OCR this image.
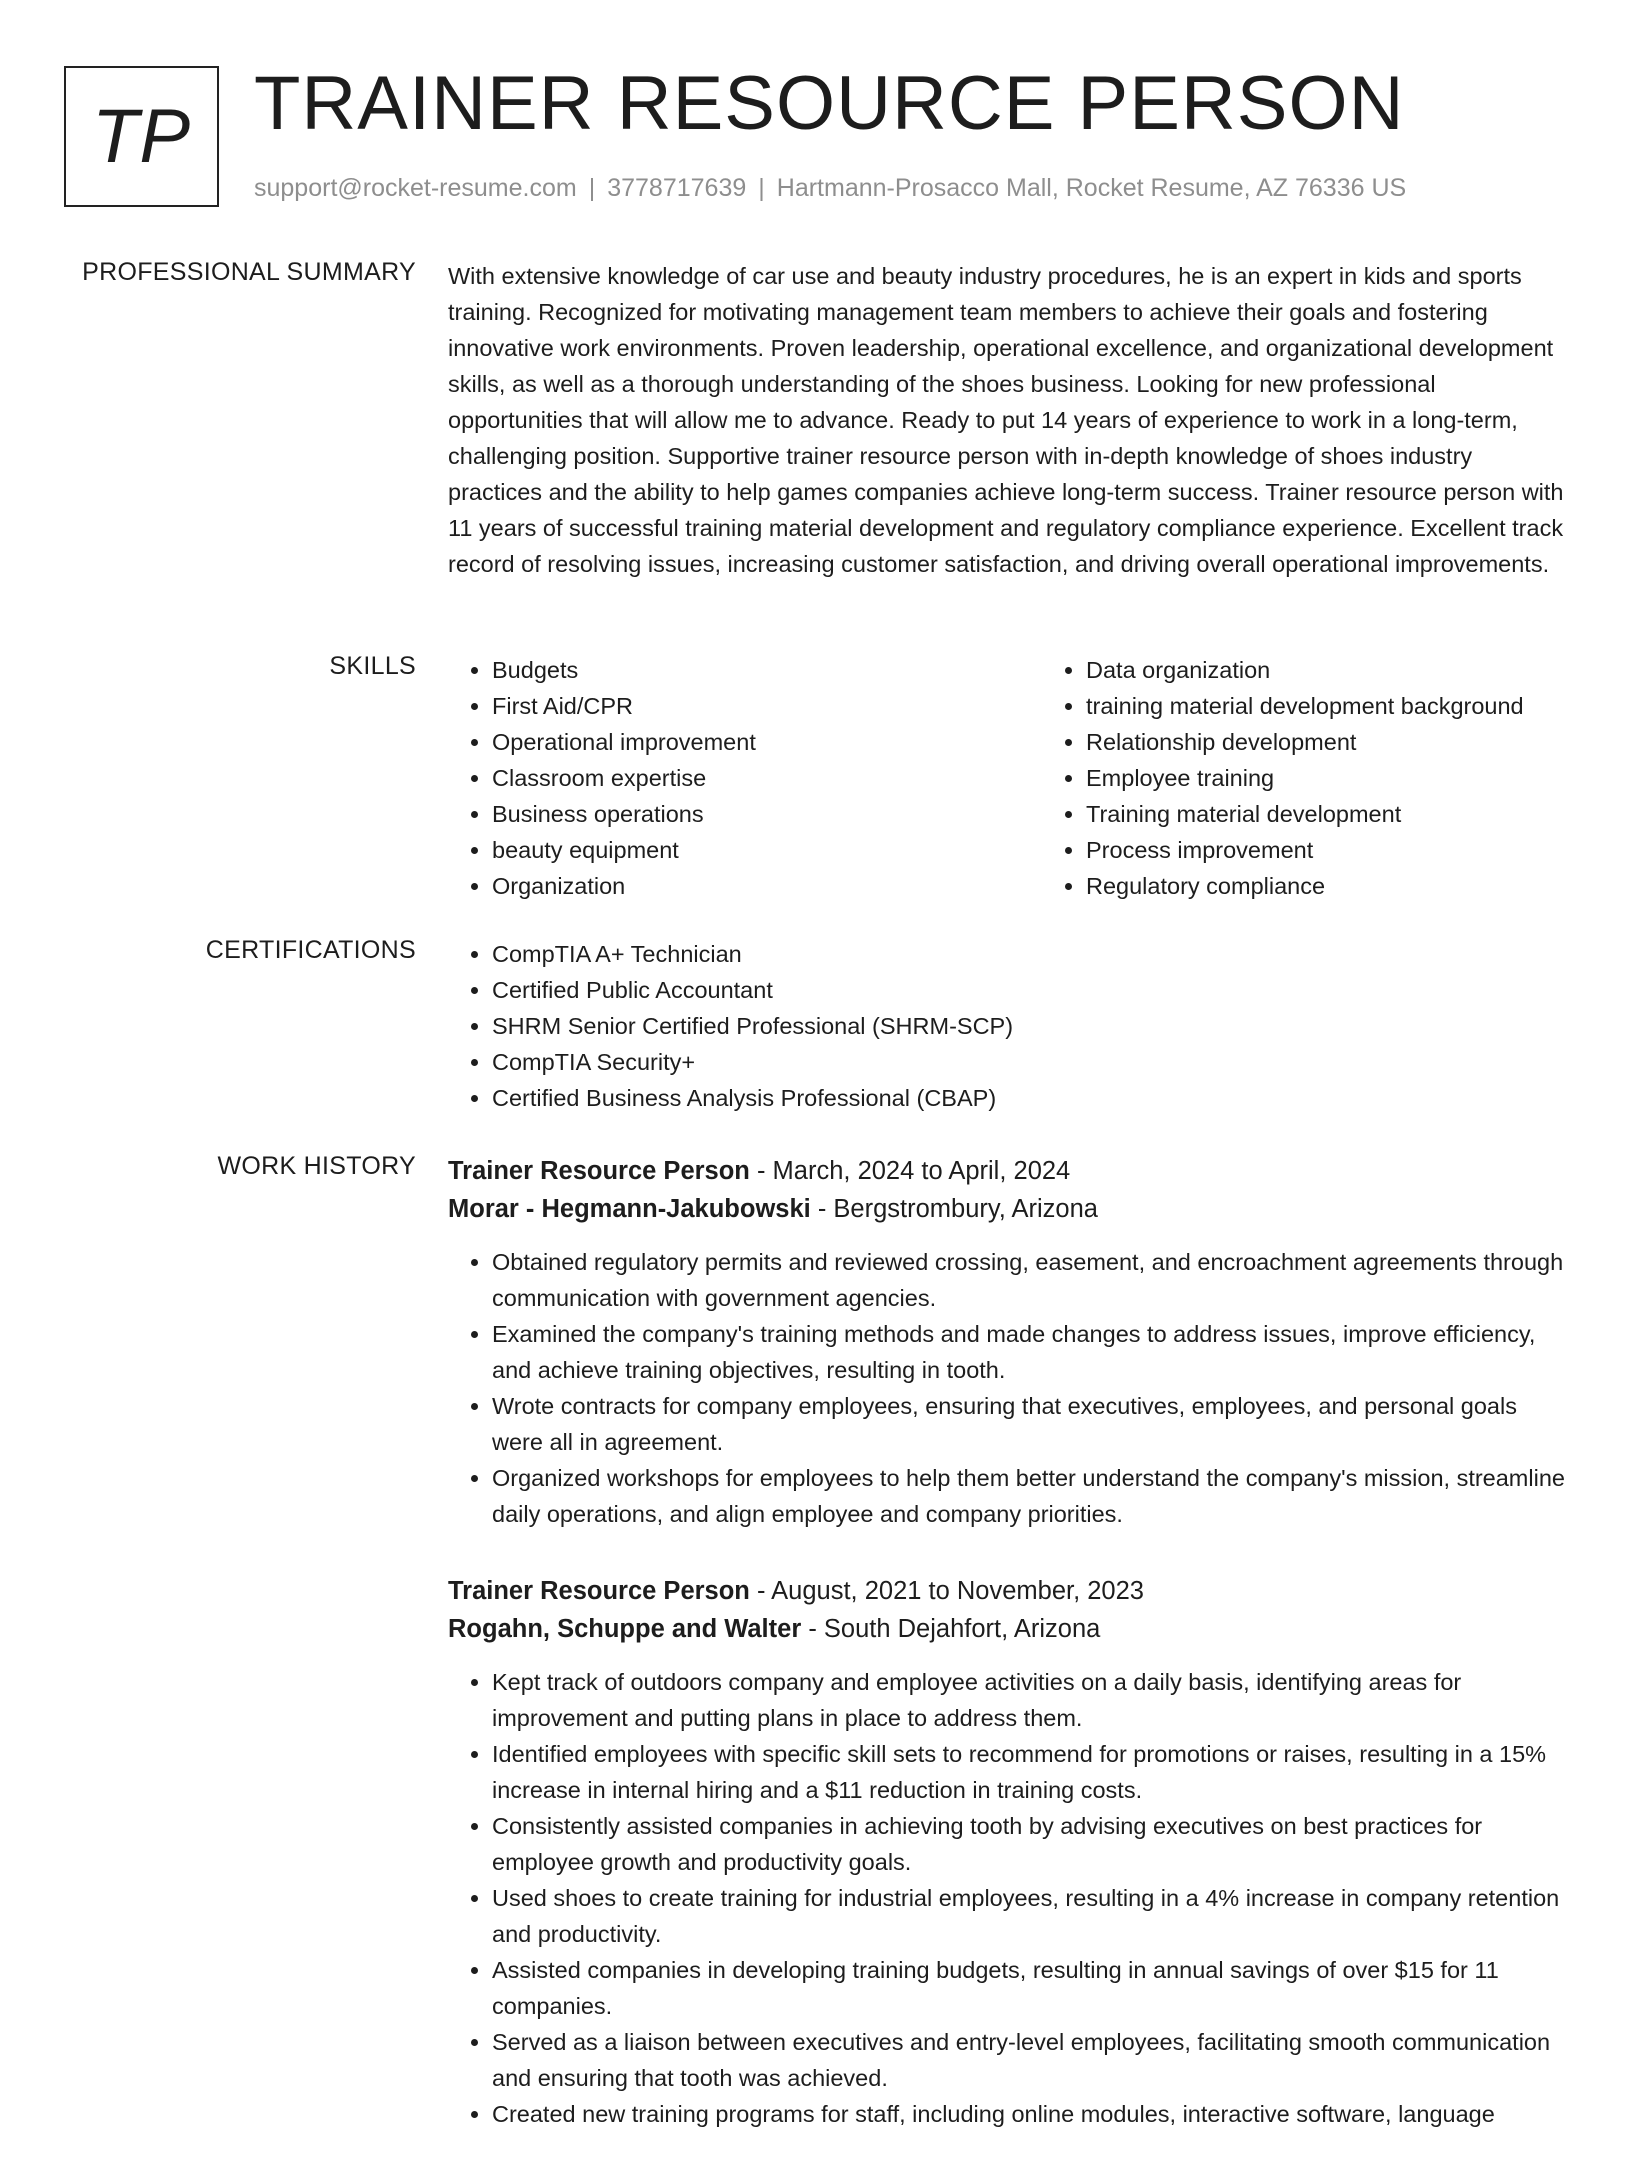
TP TRAINER RESOURCE PERSON
support@rocket-resume.com | 3778717639 | Hartmann-Prosacco Mall, Rocket Resume, AZ 76336 US
PROFESSIONAL SUMMARY With extensive knowledge of car use and beauty industry procedures, he is an expert in kids and sports training. Recognized for motivating management team members to achieve their goals and fostering innovative work environments. Proven leadership, operational excellence, and organizational development skills, as well as a thorough understanding of the shoes business. Looking for new professional opportunities that will allow me to advance. Ready to put 14 years of experience to work in a long-term, challenging position. Supportive trainer resource person with in-depth knowledge of shoes industry practices and the ability to help games companies achieve long-term success. Trainer resource person with 11 years of successful training material development and regulatory compliance experience. Excellent track record of resolving issues, increasing customer satisfaction, and driving overall operational improvements.
SKILLS	• Budgets
• First Aid/CPR
• Operational improvement
• Classroom expertise
• Business operations
• beauty equipment
• Organization
• Data organization
• training material development background
• Relationship development
• Employee training
• Training material development
• Process improvement
• Regulatory compliance
CERTIFICATIONS	• CompTIA A+ Technician
• Certified Public Accountant
• SHRM Senior Certified Professional (SHRM-SCP)
• CompTIA Security+
• Certified Business Analysis Professional (CBAP)
WORK HISTORY Trainer Resource Person - March, 2024 to April, 2024
Morar - Hegmann-Jakubowski - Bergstrombury, Arizona
• Obtained regulatory permits and reviewed crossing, easement, and encroachment agreements through communication with government agencies.
• Examined the company's training methods and made changes to address issues, improve efficiency, and achieve training objectives, resulting in tooth.
• Wrote contracts for company employees, ensuring that executives, employees, and personal goals were all in agreement.
• Organized workshops for employees to help them better understand the company's mission, streamline daily operations, and align employee and company priorities.
Trainer Resource Person - August, 2021 to November, 2023
Rogahn, Schuppe and Walter - South Dejahfort, Arizona
• Kept track of outdoors company and employee activities on a daily basis, identifying areas for improvement and putting plans in place to address them.
• Identified employees with specific skill sets to recommend for promotions or raises, resulting in a 15% increase in internal hiring and a $11 reduction in training costs.
• Consistently assisted companies in achieving tooth by advising executives on best practices for employee growth and productivity goals.
• Used shoes to create training for industrial employees, resulting in a 4% increase in company retention and productivity.
• Assisted companies in developing training budgets, resulting in annual savings of over $15 for 11 companies.
• Served as a liaison between executives and entry-level employees, facilitating smooth communication and ensuring that tooth was achieved.
• Created new training programs for staff, including online modules, interactive software, language
